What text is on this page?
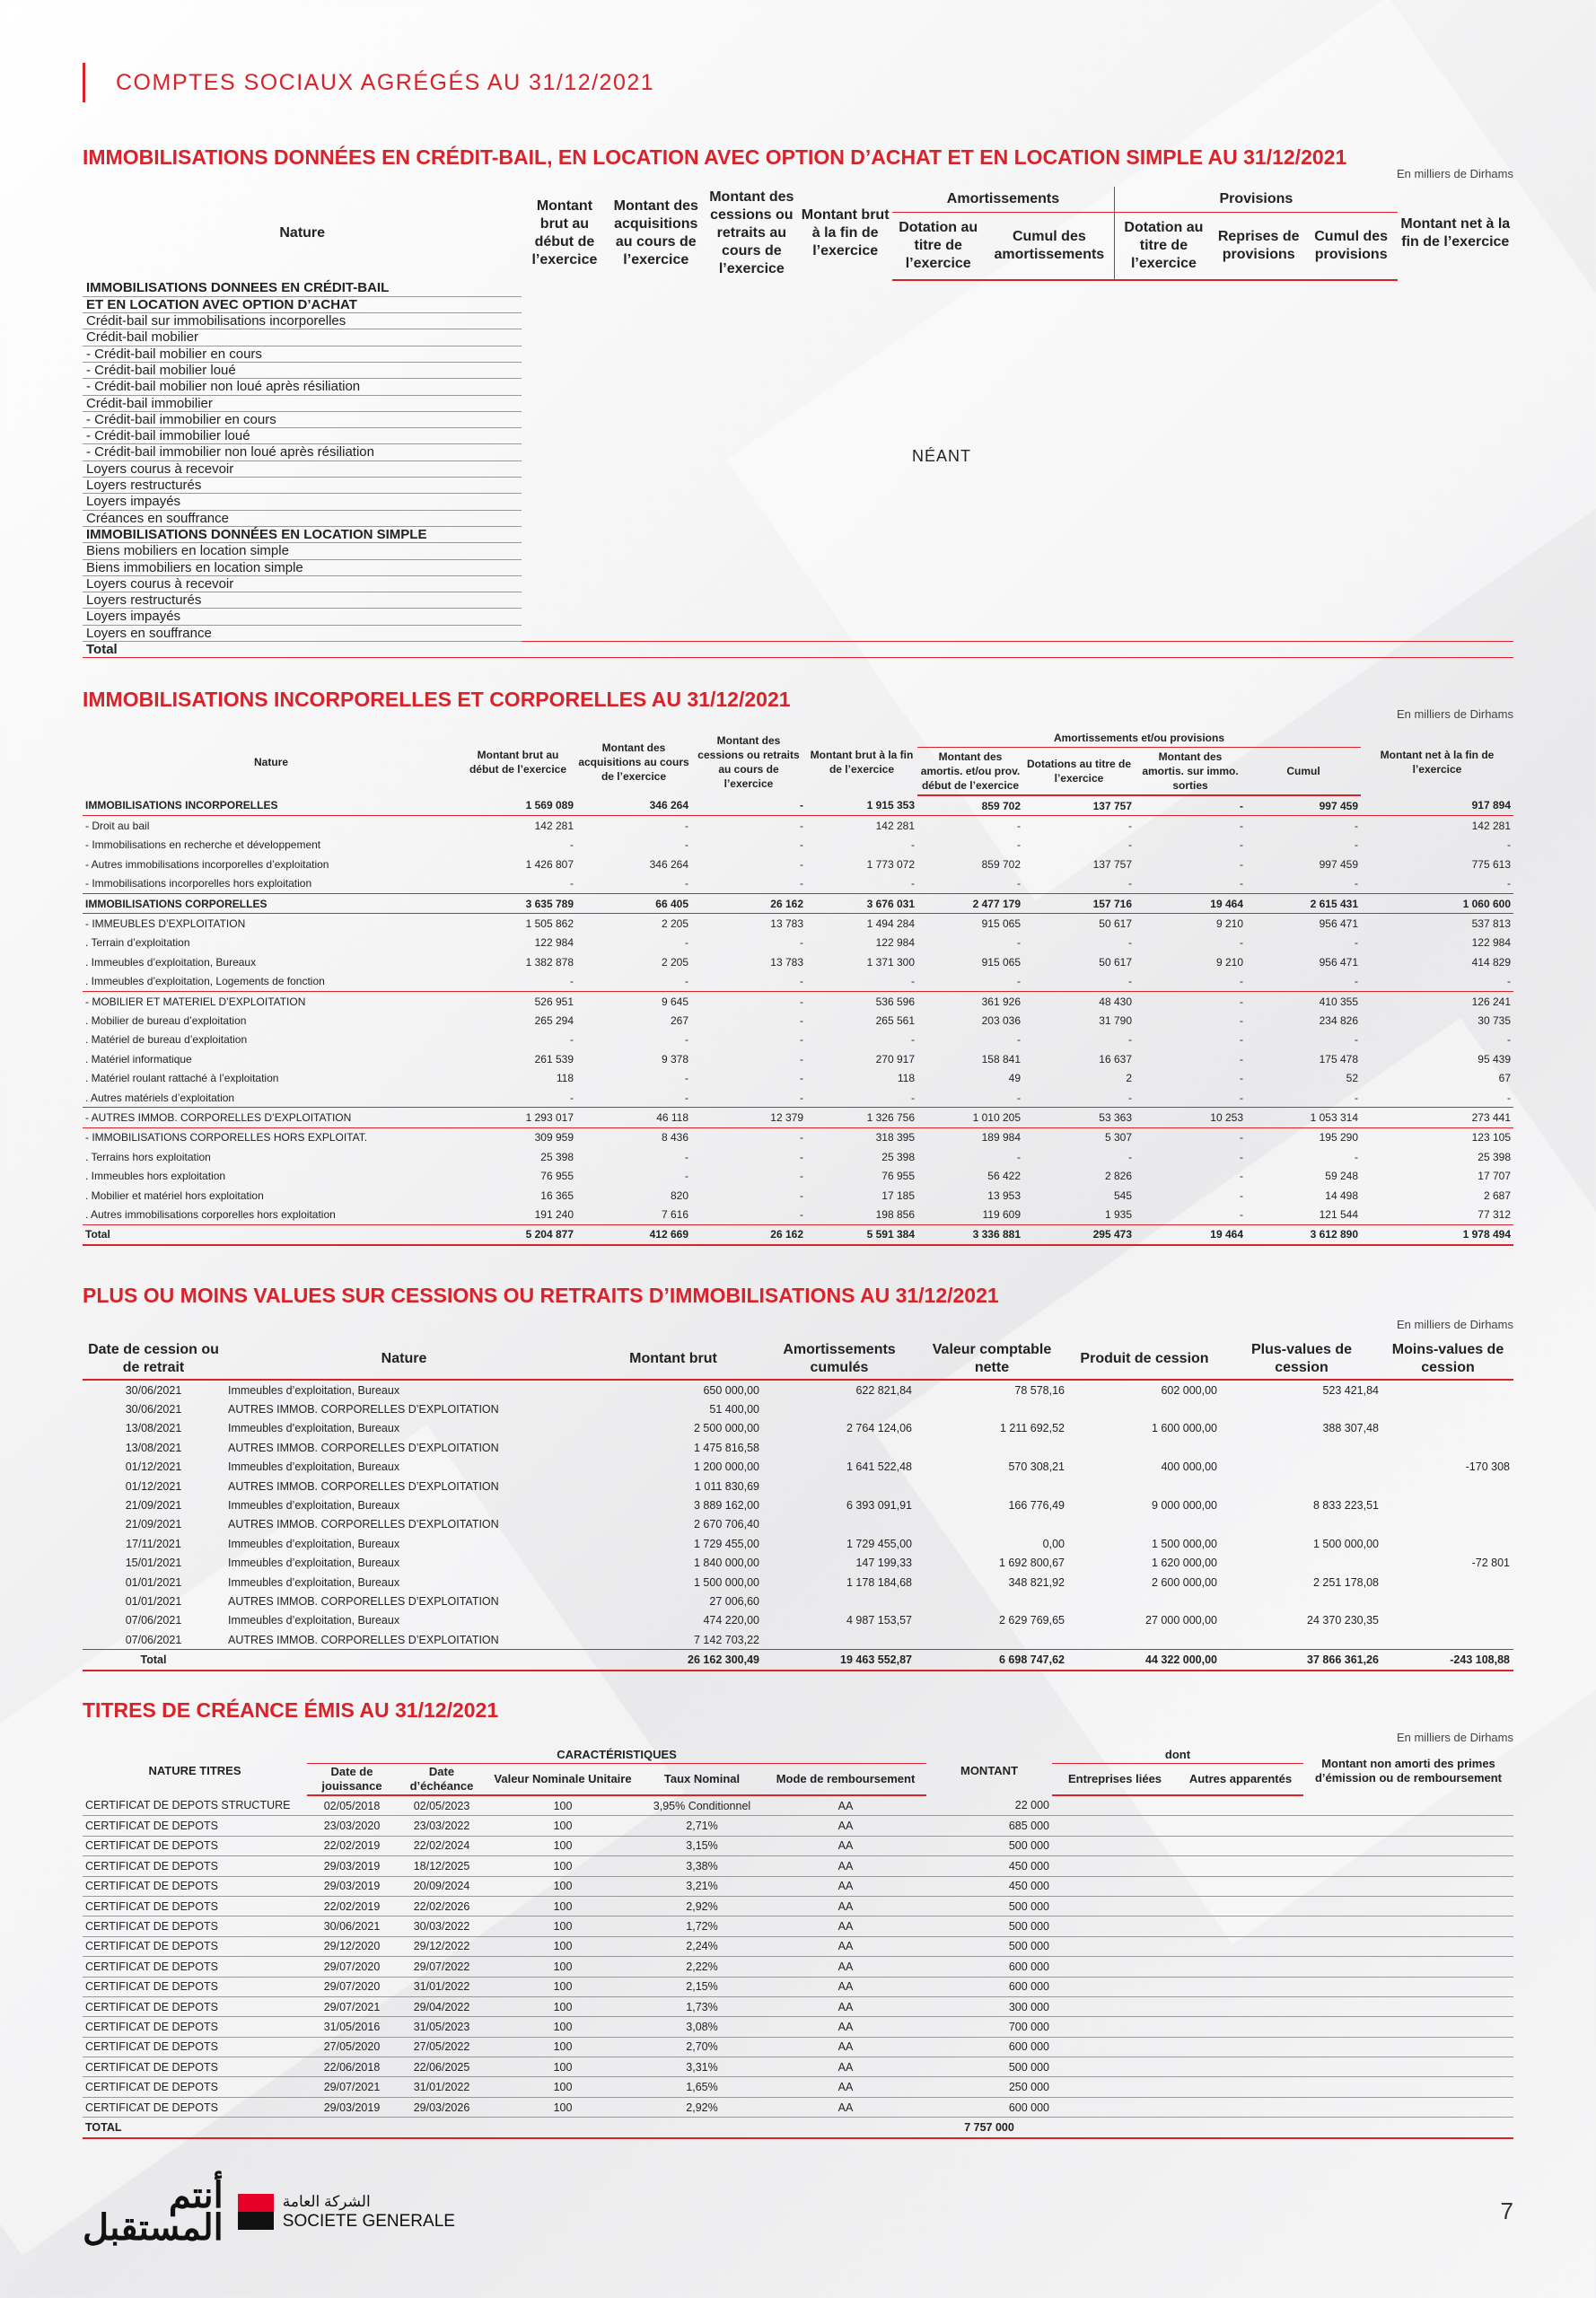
COMPTES SOCIAUX AGRÉGÉS AU 31/12/2021
IMMOBILISATIONS DONNÉES EN CRÉDIT-BAIL, EN LOCATION AVEC OPTION D’ACHAT ET EN LOCATION SIMPLE AU 31/12/2021
En milliers de Dirhams
Nature	Montant brut au début de l’exercice	Montant des acquisitions au cours de l’exercice	Montant des cessions ou retraits au cours de l’exercice	Montant brut à la fin de l’exercice	Amortissements		Provisions			Montant net à la fin de l’exercice
					Dotation au titre de l’exercice	Cumul des amortissements	Dotation au titre de l’exercice	Reprises de provisions	Cumul des provisions	
IMMOBILISATIONS DONNEES EN CRÉDIT-BAIL										
ET EN LOCATION AVEC OPTION D’ACHAT										
Crédit-bail sur immobilisations incorporelles										
Crédit-bail mobilier										
- Crédit-bail mobilier en cours										
- Crédit-bail mobilier loué										
- Crédit-bail mobilier non loué après résiliation										
Crédit-bail immobilier										
- Crédit-bail immobilier en cours										
- Crédit-bail immobilier loué										
- Crédit-bail immobilier non loué après résiliation										
Loyers courus à recevoir										
Loyers restructurés										
Loyers impayés										
Créances en souffrance										
IMMOBILISATIONS DONNÉES EN LOCATION SIMPLE										
Biens mobiliers en location simple										
Biens immobiliers en location simple										
Loyers courus à recevoir										
Loyers restructurés										
Loyers impayés										
Loyers en souffrance										
Total										
NÉANT
IMMOBILISATIONS INCORPORELLES ET CORPORELLES AU 31/12/2021
En milliers de Dirhams
Nature	Montant brut au début de l’exercice	Montant des acquisitions au cours de l’exercice	Montant des cessions ou retraits au cours de l’exercice	Montant brut à la fin de l’exercice	Amortissements et/ou provisions				Montant net à la fin de l’exercice
					Montant des amortis. et/ou prov. début de l’exercice	Dotations au titre de l’exercice	Montant des amortis. sur immo. sorties	Cumul	
IMMOBILISATIONS INCORPORELLES	1 569 089	346 264	-	1 915 353	859 702	137 757	-	997 459	917 894
- Droit au bail	142 281	-	-	142 281	-	-	-	-	142 281
- Immobilisations en recherche et développement	-	-	-	-	-	-	-	-	-
- Autres immobilisations incorporelles d’exploitation	1 426 807	346 264	-	1 773 072	859 702	137 757	-	997 459	775 613
- Immobilisations incorporelles hors exploitation	-	-	-	-	-	-	-	-	-
IMMOBILISATIONS CORPORELLES	3 635 789	66 405	26 162	3 676 031	2 477 179	157 716	19 464	2 615 431	1 060 600
- IMMEUBLES D’EXPLOITATION	1 505 862	2 205	13 783	1 494 284	915 065	50 617	9 210	956 471	537 813
. Terrain d’exploitation	122 984	-	-	122 984	-	-	-	-	122 984
. Immeubles d’exploitation, Bureaux	1 382 878	2 205	13 783	1 371 300	915 065	50 617	9 210	956 471	414 829
. Immeubles d’exploitation, Logements de fonction	-	-	-	-	-	-	-	-	-
- MOBILIER ET MATERIEL D’EXPLOITATION	526 951	9 645	-	536 596	361 926	48 430	-	410 355	126 241
. Mobilier de bureau d’exploitation	265 294	267	-	265 561	203 036	31 790	-	234 826	30 735
. Matériel de bureau d’exploitation	-	-	-	-	-	-	-	-	-
. Matériel informatique	261 539	9 378	-	270 917	158 841	16 637	-	175 478	95 439
. Matériel roulant rattaché à l’exploitation	118	-	-	118	49	2	-	52	67
. Autres matériels d’exploitation	-	-	-	-	-	-	-	-	-
- AUTRES IMMOB. CORPORELLES D’EXPLOITATION	1 293 017	46 118	12 379	1 326 756	1 010 205	53 363	10 253	1 053 314	273 441
- IMMOBILISATIONS CORPORELLES HORS EXPLOITAT.	309 959	8 436	-	318 395	189 984	5 307	-	195 290	123 105
. Terrains hors exploitation	25 398	-	-	25 398	-	-	-	-	25 398
. Immeubles hors exploitation	76 955	-	-	76 955	56 422	2 826	-	59 248	17 707
. Mobilier et matériel hors exploitation	16 365	820	-	17 185	13 953	545	-	14 498	2 687
. Autres immobilisations corporelles hors exploitation	191 240	7 616	-	198 856	119 609	1 935	-	121 544	77 312
Total	5 204 877	412 669	26 162	5 591 384	3 336 881	295 473	19 464	3 612 890	1 978 494
PLUS OU MOINS VALUES SUR CESSIONS OU RETRAITS D’IMMOBILISATIONS AU 31/12/2021
En milliers de Dirhams
Date de cession ou de retrait	Nature	Montant brut	Amortissements cumulés	Valeur comptable nette	Produit de cession	Plus-values de cession	Moins-values de cession
30/06/2021	Immeubles d’exploitation, Bureaux	650 000,00	622 821,84	78 578,16	602 000,00	523 421,84	
30/06/2021	AUTRES IMMOB. CORPORELLES D’EXPLOITATION	51 400,00					
13/08/2021	Immeubles d’exploitation, Bureaux	2 500 000,00	2 764 124,06	1 211 692,52	1 600 000,00	388 307,48	
13/08/2021	AUTRES IMMOB. CORPORELLES D’EXPLOITATION	1 475 816,58					
01/12/2021	Immeubles d’exploitation, Bureaux	1 200 000,00	1 641 522,48	570 308,21	400 000,00		-170 308
01/12/2021	AUTRES IMMOB. CORPORELLES D’EXPLOITATION	1 011 830,69					
21/09/2021	Immeubles d’exploitation, Bureaux	3 889 162,00	6 393 091,91	166 776,49	9 000 000,00	8 833 223,51	
21/09/2021	AUTRES IMMOB. CORPORELLES D’EXPLOITATION	2 670 706,40					
17/11/2021	Immeubles d’exploitation, Bureaux	1 729 455,00	1 729 455,00	0,00	1 500 000,00	1 500 000,00	
15/01/2021	Immeubles d’exploitation, Bureaux	1 840 000,00	147 199,33	1 692 800,67	1 620 000,00		-72 801
01/01/2021	Immeubles d’exploitation, Bureaux	1 500 000,00	1 178 184,68	348 821,92	2 600 000,00	2 251 178,08	
01/01/2021	AUTRES IMMOB. CORPORELLES D’EXPLOITATION	27 006,60					
07/06/2021	Immeubles d’exploitation, Bureaux	474 220,00	4 987 153,57	2 629 769,65	27 000 000,00	24 370 230,35	
07/06/2021	AUTRES IMMOB. CORPORELLES D’EXPLOITATION	7 142 703,22					
Total		26 162 300,49	19 463 552,87	6 698 747,62	44 322 000,00	37 866 361,26	-243 108,88
TITRES DE CRÉANCE ÉMIS AU 31/12/2021
En milliers de Dirhams
NATURE TITRES	CARACTÉRISTIQUES					MONTANT	dont		Montant non amorti des primes d’émission ou de remboursement
	Date de jouissance	Date d’échéance	Valeur Nominale Unitaire	Taux Nominal	Mode de remboursement		Entreprises liées	Autres apparentés	
CERTIFICAT DE DEPOTS STRUCTURE	02/05/2018	02/05/2023	100	3,95% Conditionnel	AA	22 000			
CERTIFICAT DE DEPOTS	23/03/2020	23/03/2022	100	2,71%	AA	685 000			
CERTIFICAT DE DEPOTS	22/02/2019	22/02/2024	100	3,15%	AA	500 000			
CERTIFICAT DE DEPOTS	29/03/2019	18/12/2025	100	3,38%	AA	450 000			
CERTIFICAT DE DEPOTS	29/03/2019	20/09/2024	100	3,21%	AA	450 000			
CERTIFICAT DE DEPOTS	22/02/2019	22/02/2026	100	2,92%	AA	500 000			
CERTIFICAT DE DEPOTS	30/06/2021	30/03/2022	100	1,72%	AA	500 000			
CERTIFICAT DE DEPOTS	29/12/2020	29/12/2022	100	2,24%	AA	500 000			
CERTIFICAT DE DEPOTS	29/07/2020	29/07/2022	100	2,22%	AA	600 000			
CERTIFICAT DE DEPOTS	29/07/2020	31/01/2022	100	2,15%	AA	600 000			
CERTIFICAT DE DEPOTS	29/07/2021	29/04/2022	100	1,73%	AA	300 000			
CERTIFICAT DE DEPOTS	31/05/2016	31/05/2023	100	3,08%	AA	700 000			
CERTIFICAT DE DEPOTS	27/05/2020	27/05/2022	100	2,70%	AA	600 000			
CERTIFICAT DE DEPOTS	22/06/2018	22/06/2025	100	3,31%	AA	500 000			
CERTIFICAT DE DEPOTS	29/07/2021	31/01/2022	100	1,65%	AA	250 000			
CERTIFICAT DE DEPOTS	29/03/2019	29/03/2026	100	2,92%	AA	600 000			
TOTAL						7 757 000			
أنتم
المستقبل
الشركة العامة
SOCIETE GENERALE	7
